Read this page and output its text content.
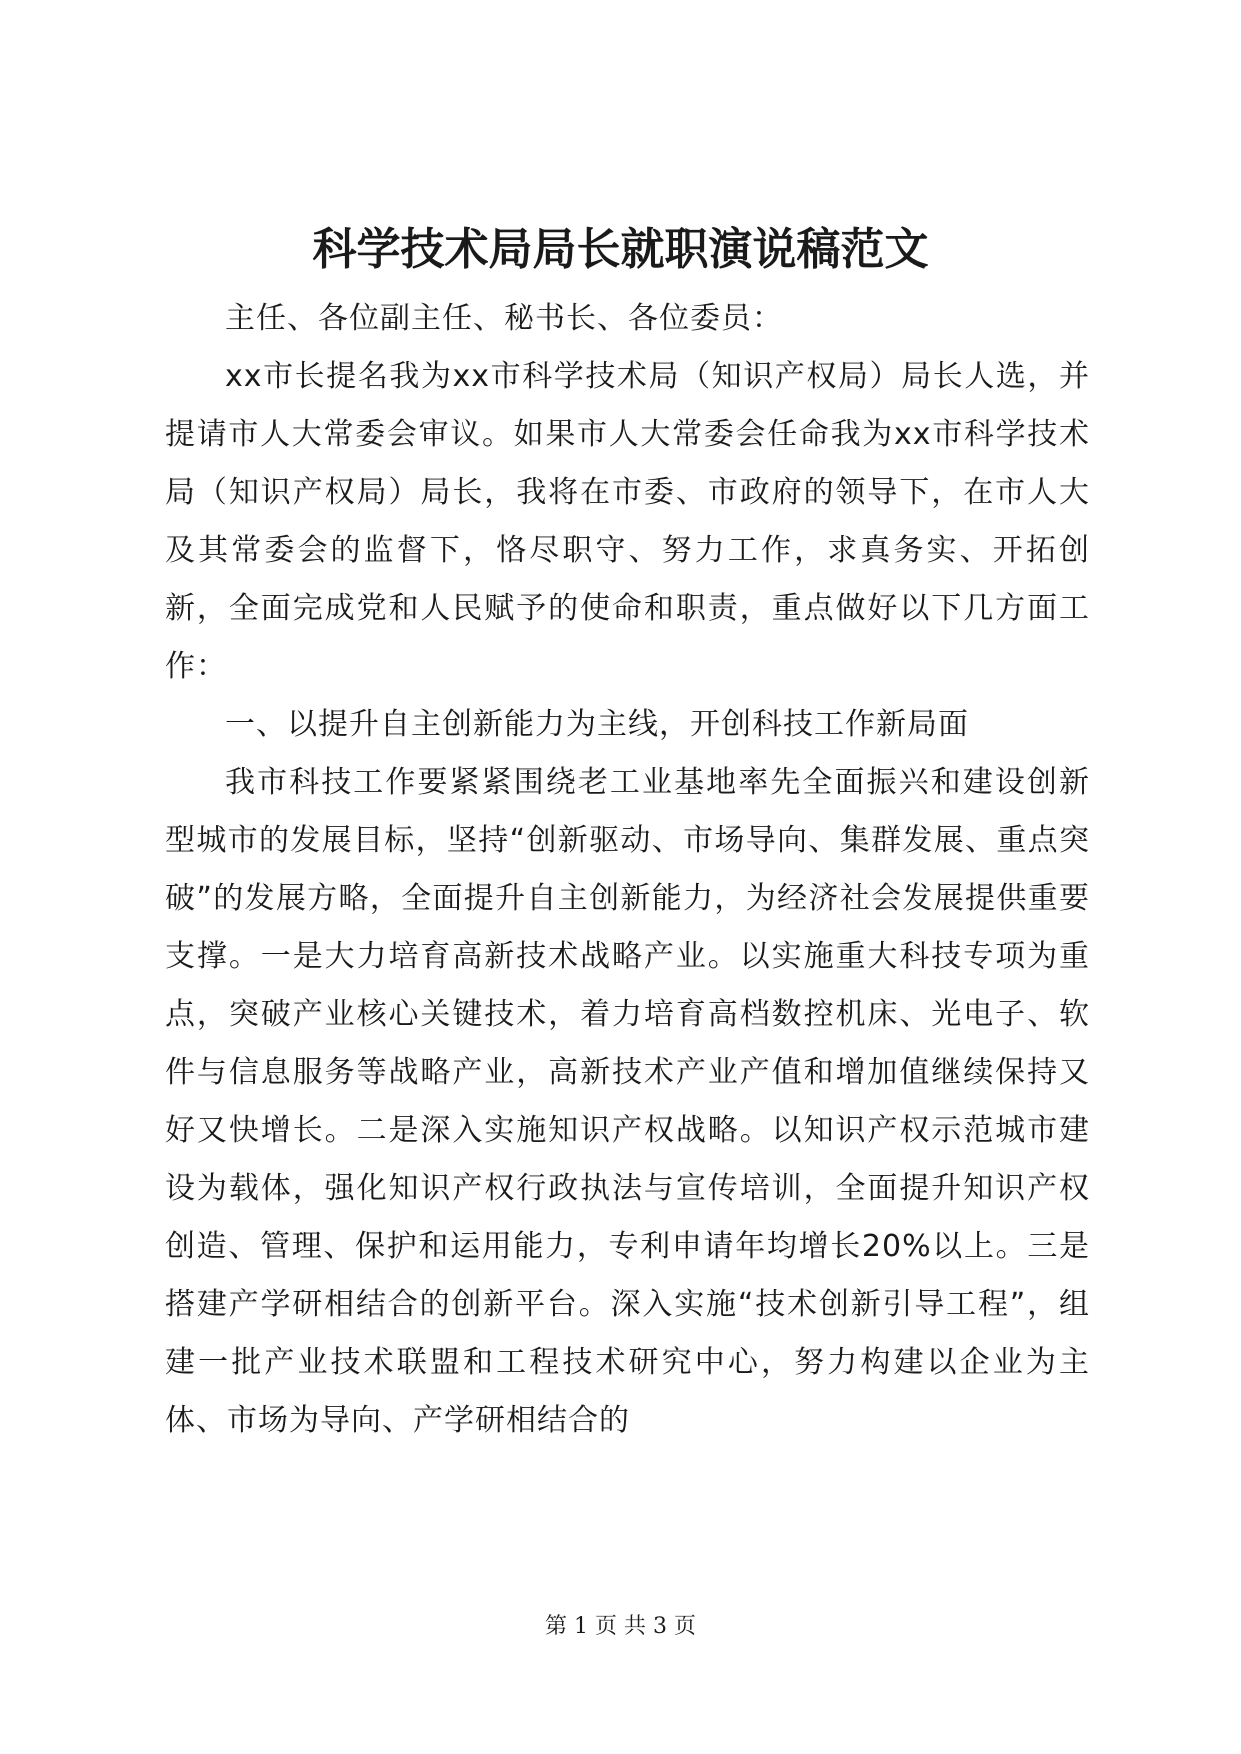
科学技术局局长就职演说稿范文

主任、各位副主任、秘书长、各位委员：

xx市长提名我为xx市科学技术局（知识产权局）局长人选，并提请市人大常委会审议。如果市人大常委会任命我为xx市科学技术局（知识产权局）局长，我将在市委、市政府的领导下，在市人大及其常委会的监督下，恪尽职守、努力工作，求真务实、开拓创新，全面完成党和人民赋予的使命和职责，重点做好以下几方面工作：

一、以提升自主创新能力为主线，开创科技工作新局面

我市科技工作要紧紧围绕老工业基地率先全面振兴和建设创新型城市的发展目标，坚持“创新驱动、市场导向、集群发展、重点突破”的发展方略，全面提升自主创新能力，为经济社会发展提供重要支撑。一是大力培育高新技术战略产业。以实施重大科技专项为重点，突破产业核心关键技术，着力培育高档数控机床、光电子、软件与信息服务等战略产业，高新技术产业产值和增加值继续保持又好又快增长。二是深入实施知识产权战略。以知识产权示范城市建设为载体，强化知识产权行政执法与宣传培训，全面提升知识产权创造、管理、保护和运用能力，专利申请年均增长20%以上。三是搭建产学研相结合的创新平台。深入实施“技术创新引导工程”，组建一批产业技术联盟和工程技术研究中心，努力构建以企业为主体、市场为导向、产学研相结合的

第 1 页 共 3 页
